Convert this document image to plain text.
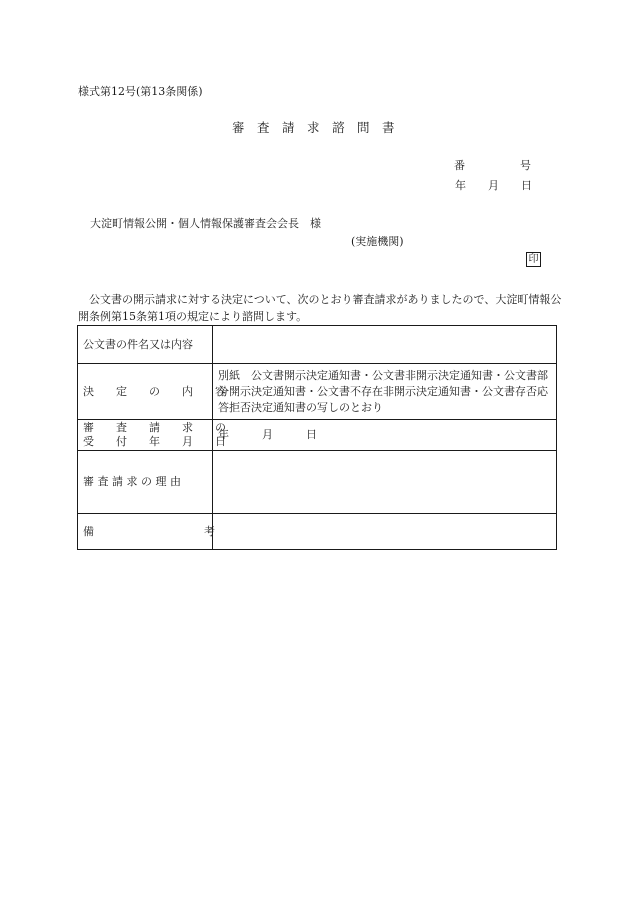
様式第12号(第13条関係)
審　査　請　求　諮　問　書
番　　　　　号
年　　月　　日
大淀町情報公開・個人情報保護審査会会長　様
(実施機関)
印
公文書の開示請求に対する決定について、次のとおり審査請求がありましたので、大淀町情報公開条例第15条第1項の規定により諮問します。
公文書の件名又は内容	
決　　定　　の　　内　　容	別紙　公文書開示決定通知書・公文書非開示決定通知書・公文書部分開示決定通知書・公文書不存在非開示決定通知書・公文書存否応答拒否決定通知書の写しのとおり
審　　査　　請　　求　　の
受　　付　　年　　月　　日	年　　　月　　　日
審 査 請 求 の 理 由	
備　　　　　　　　　　考	
